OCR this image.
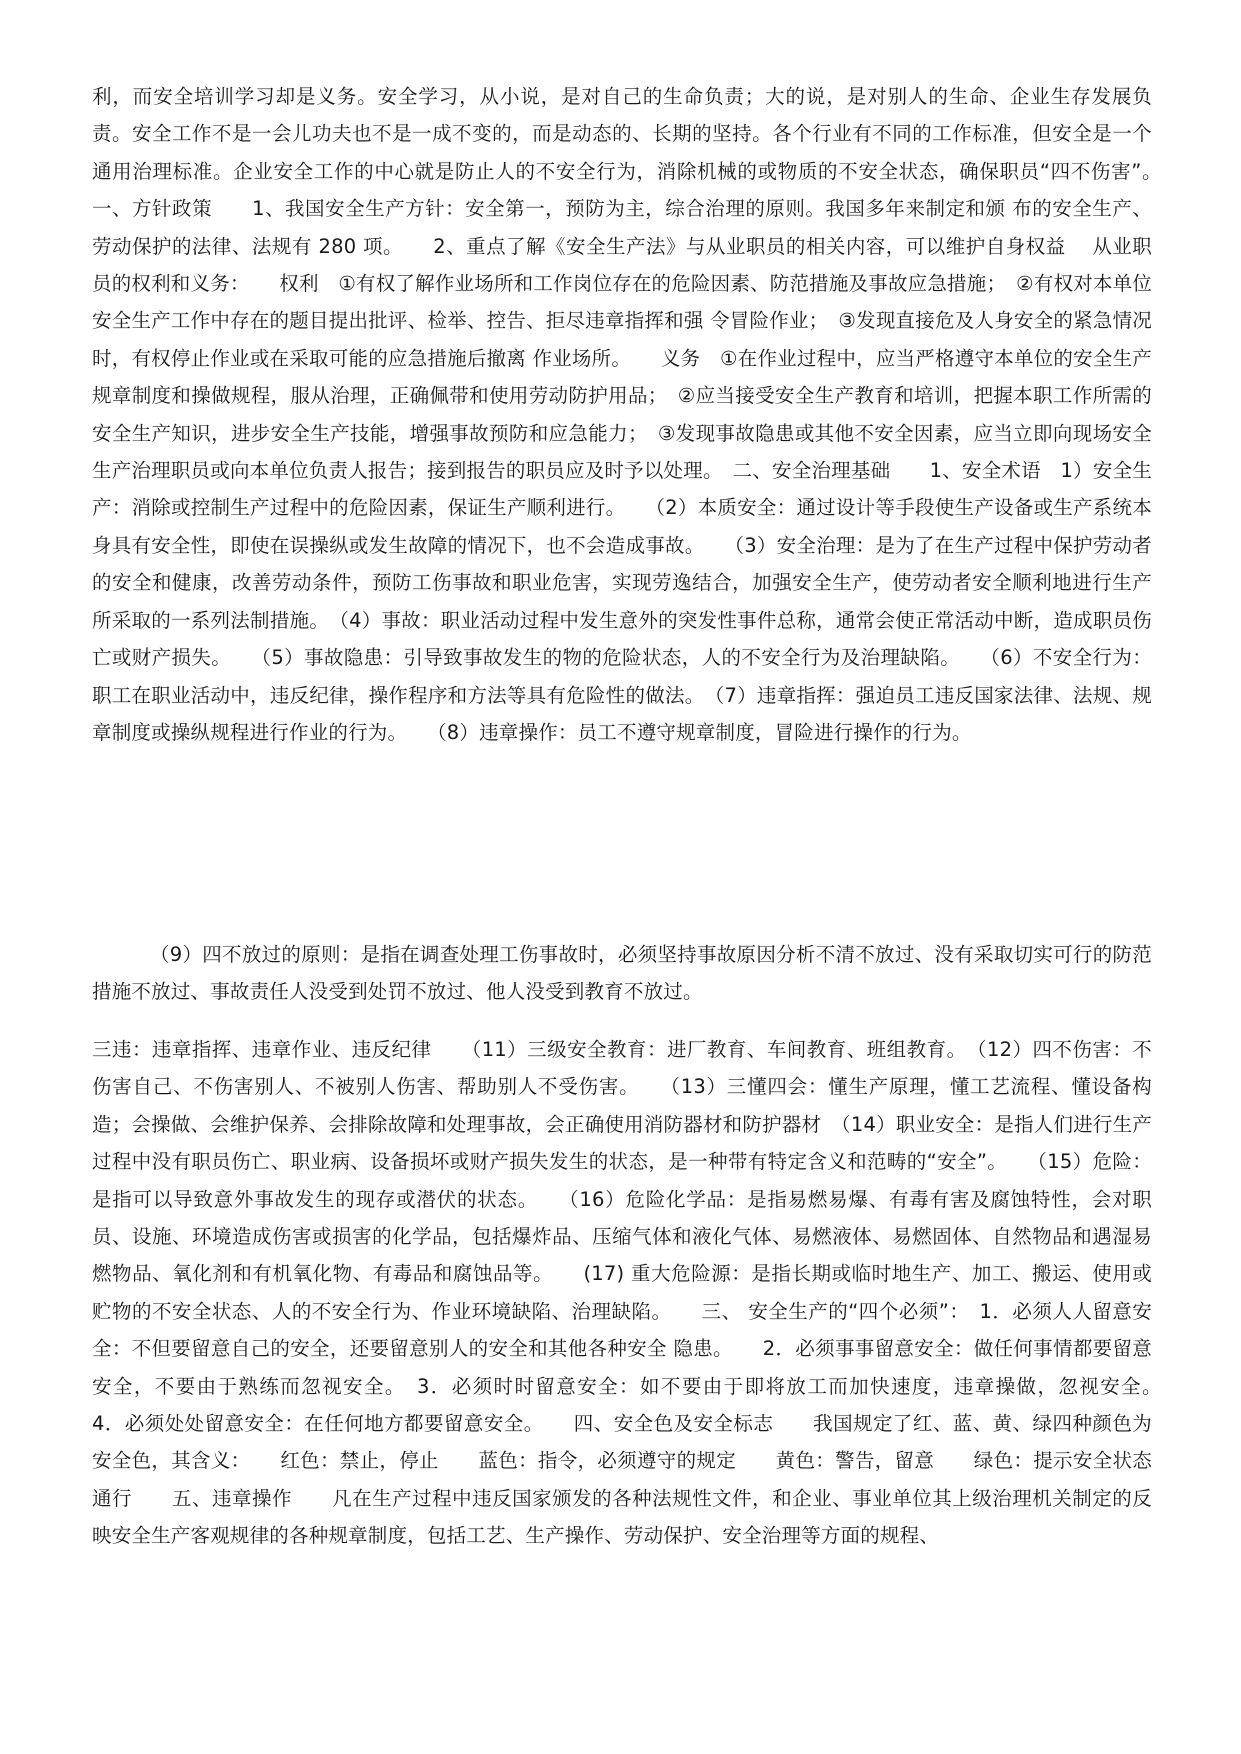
利，而安全培训学习却是义务。安全学习，从小说，是对自己的生命负责；大的说，是对别人的生命、企业生存发展负责。安全工作不是一会儿功夫也不是一成不变的，而是动态的、长期的坚持。各个行业有不同的工作标准，但安全是一个通用治理标准。企业安全工作的中心就是防止人的不安全行为，消除机械的或物质的不安全状态，确保职员“四不伤害”。　　一、方针政策　　1、我国安全生产方针：安全第一，预防为主，综合治理的原则。我国多年来制定和颁 布的安全生产、劳动保护的法律、法规有 280 项。　　2、重点了解《安全生产法》与从业职员的相关内容，可以维护自身权益　 从业职员的权利和义务：　　权利　①有权了解作业场所和工作岗位存在的危险因素、防范措施及事故应急措施；　②有权对本单位安全生产工作中存在的题目提出批评、检举、控告、拒尽违章指挥和强 令冒险作业；　③发现直接危及人身安全的紧急情况时，有权停止作业或在采取可能的应急措施后撤离 作业场所。　　义务　①在作业过程中，应当严格遵守本单位的安全生产规章制度和操做规程，服从治理，正确佩带和使用劳动防护用品；　②应当接受安全生产教育和培训，把握本职工作所需的安全生产知识，进步安全生产技能，增强事故预防和应急能力；　③发现事故隐患或其他不安全因素，应当立即向现场安全生产治理职员或向本单位负责人报告；接到报告的职员应及时予以处理。　二、安全治理基础　　1、安全术语　1）安全生产：消除或控制生产过程中的危险因素，保证生产顺利进行。　　（2）本质安全：通过设计等手段使生产设备或生产系统本身具有安全性，即使在误操纵或发生故障的情况下，也不会造成事故。　　（3）安全治理：是为了在生产过程中保护劳动者的安全和健康，改善劳动条件，预防工伤事故和职业危害，实现劳逸结合，加强安全生产，使劳动者安全顺利地进行生产所采取的一系列法制措施。　（4）事故：职业活动过程中发生意外的突发性事件总称，通常会使正常活动中断，造成职员伤亡或财产损失。　　（5）事故隐患：引导致事故发生的物的危险状态，人的不安全行为及治理缺陷。　　（6）不安全行为：职工在职业活动中，违反纪律，操作程序和方法等具有危险性的做法。　（7）违章指挥：强迫员工违反国家法律、法规、规章制度或操纵规程进行作业的行为。　　（8）违章操作：员工不遵守规章制度，冒险进行操作的行为。

（9）四不放过的原则：是指在调查处理工伤事故时，必须坚持事故原因分析不清不放过、没有采取切实可行的防范措施不放过、事故责任人没受到处罚不放过、他人没受到教育不放过。

三违：违章指挥、违章作业、违反纪律　　（11）三级安全教育：进厂教育、车间教育、班组教育。　（12）四不伤害：不伤害自己、不伤害别人、不被别人伤害、帮助别人不受伤害。　　（13）三懂四会：懂生产原理，懂工艺流程、懂设备构造；会操做、会维护保养、会排除故障和处理事故，会正确使用消防器材和防护器材　（14）职业安全：是指人们进行生产过程中没有职员伤亡、职业病、设备损坏或财产损失发生的状态，是一种带有特定含义和范畴的“安全”。　　（15）危险：是指可以导致意外事故发生的现存或潜伏的状态。　　（16）危险化学品：是指易燃易爆、有毒有害及腐蚀特性，会对职员、设施、环境造成伤害或损害的化学品，包括爆炸品、压缩气体和液化气体、易燃液体、易燃固体、自然物品和遇湿易燃物品、氧化剂和有机氧化物、有毒品和腐蚀品等。　　(17) 重大危险源：是指长期或临时地生产、加工、搬运、使用或贮物的不安全状态、人的不安全行为、作业环境缺陷、治理缺陷。　　三、 安全生产的“四个必须”：　1．必须人人留意安全：不但要留意自己的安全，还要留意别人的安全和其他各种安全 隐患。　　2．必须事事留意安全：做任何事情都要留意安全，不要由于熟练而忽视安全。　3．必须时时留意安全：如不要由于即将放工而加快速度，违章操做，忽视安全。　　4．必须处处留意安全：在任何地方都要留意安全。　　四、安全色及安全标志　　我国规定了红、蓝、黄、绿四种颜色为安全色，其含义：　　红色：禁止，停止　　蓝色：指令，必须遵守的规定　　黄色：警告，留意　　绿色：提示安全状态通行　　五、违章操作　　凡在生产过程中违反国家颁发的各种法规性文件，和企业、事业单位其上级治理机关制定的反映安全生产客观规律的各种规章制度，包括工艺、生产操作、劳动保护、安全治理等方面的规程、
